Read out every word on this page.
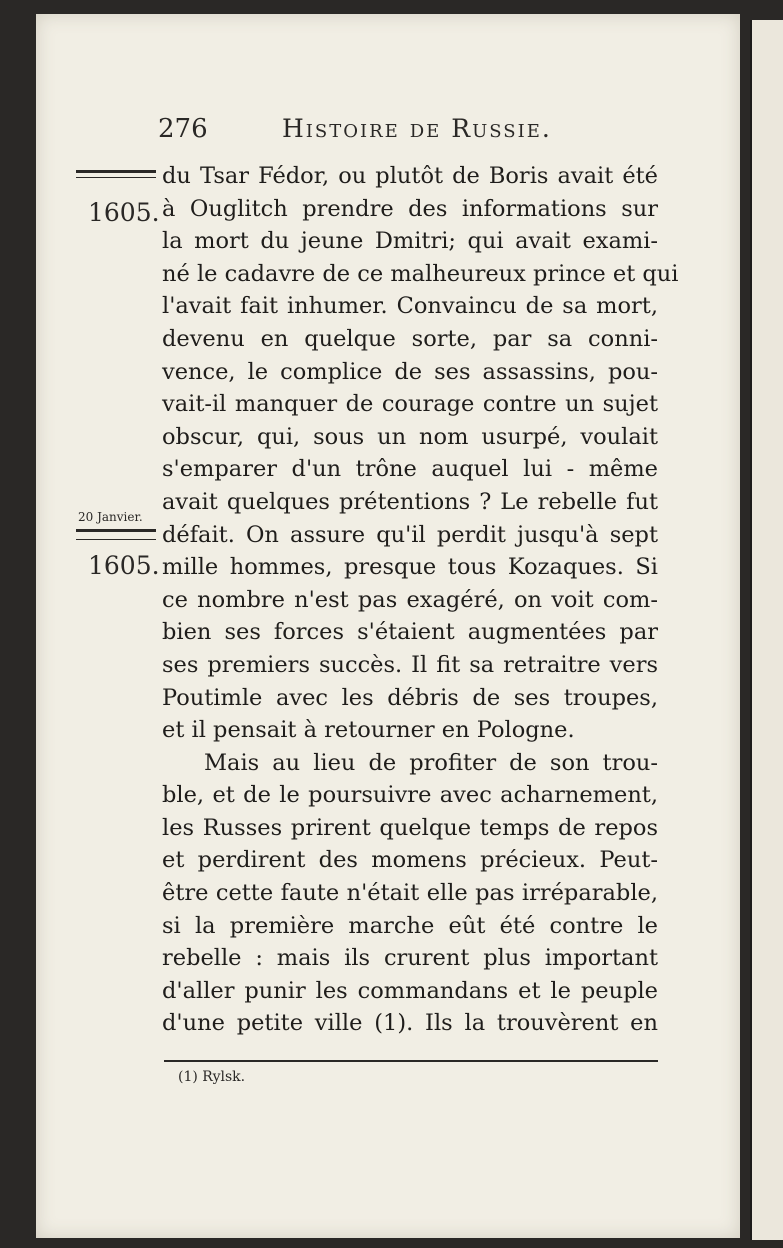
276	Histoire de Russie.
1605.
20 Janvier.
1605.
du Tsar Fédor, ou plutôt de Boris avait été
à Ouglitch prendre des informations sur
la mort du jeune Dmitri; qui avait exami-
né le cadavre de ce malheureux prince et qui
l'avait fait inhumer. Convaincu de sa mort,
devenu en quelque sorte, par sa conni-
vence, le complice de ses assassins, pou-
vait-il manquer de courage contre un sujet
obscur, qui, sous un nom usurpé, voulait
s'emparer d'un trône auquel lui - même
avait quelques prétentions ? Le rebelle fut
défait. On assure qu'il perdit jusqu'à sept
mille hommes, presque tous Kozaques. Si
ce nombre n'est pas exagéré, on voit com-
bien ses forces s'étaient augmentées par
ses premiers succès. Il fit sa retraitre vers
Poutimle avec les débris de ses troupes,
et il pensait à retourner en Pologne.
Mais au lieu de profiter de son trou-
ble, et de le poursuivre avec acharnement,
les Russes prirent quelque temps de repos
et perdirent des momens précieux. Peut-
être cette faute n'était elle pas irréparable,
si la première marche eût été contre le
rebelle : mais ils crurent plus important
d'aller punir les commandans et le peuple
d'une petite ville (1). Ils la trouvèrent en
(1) Rylsk.
